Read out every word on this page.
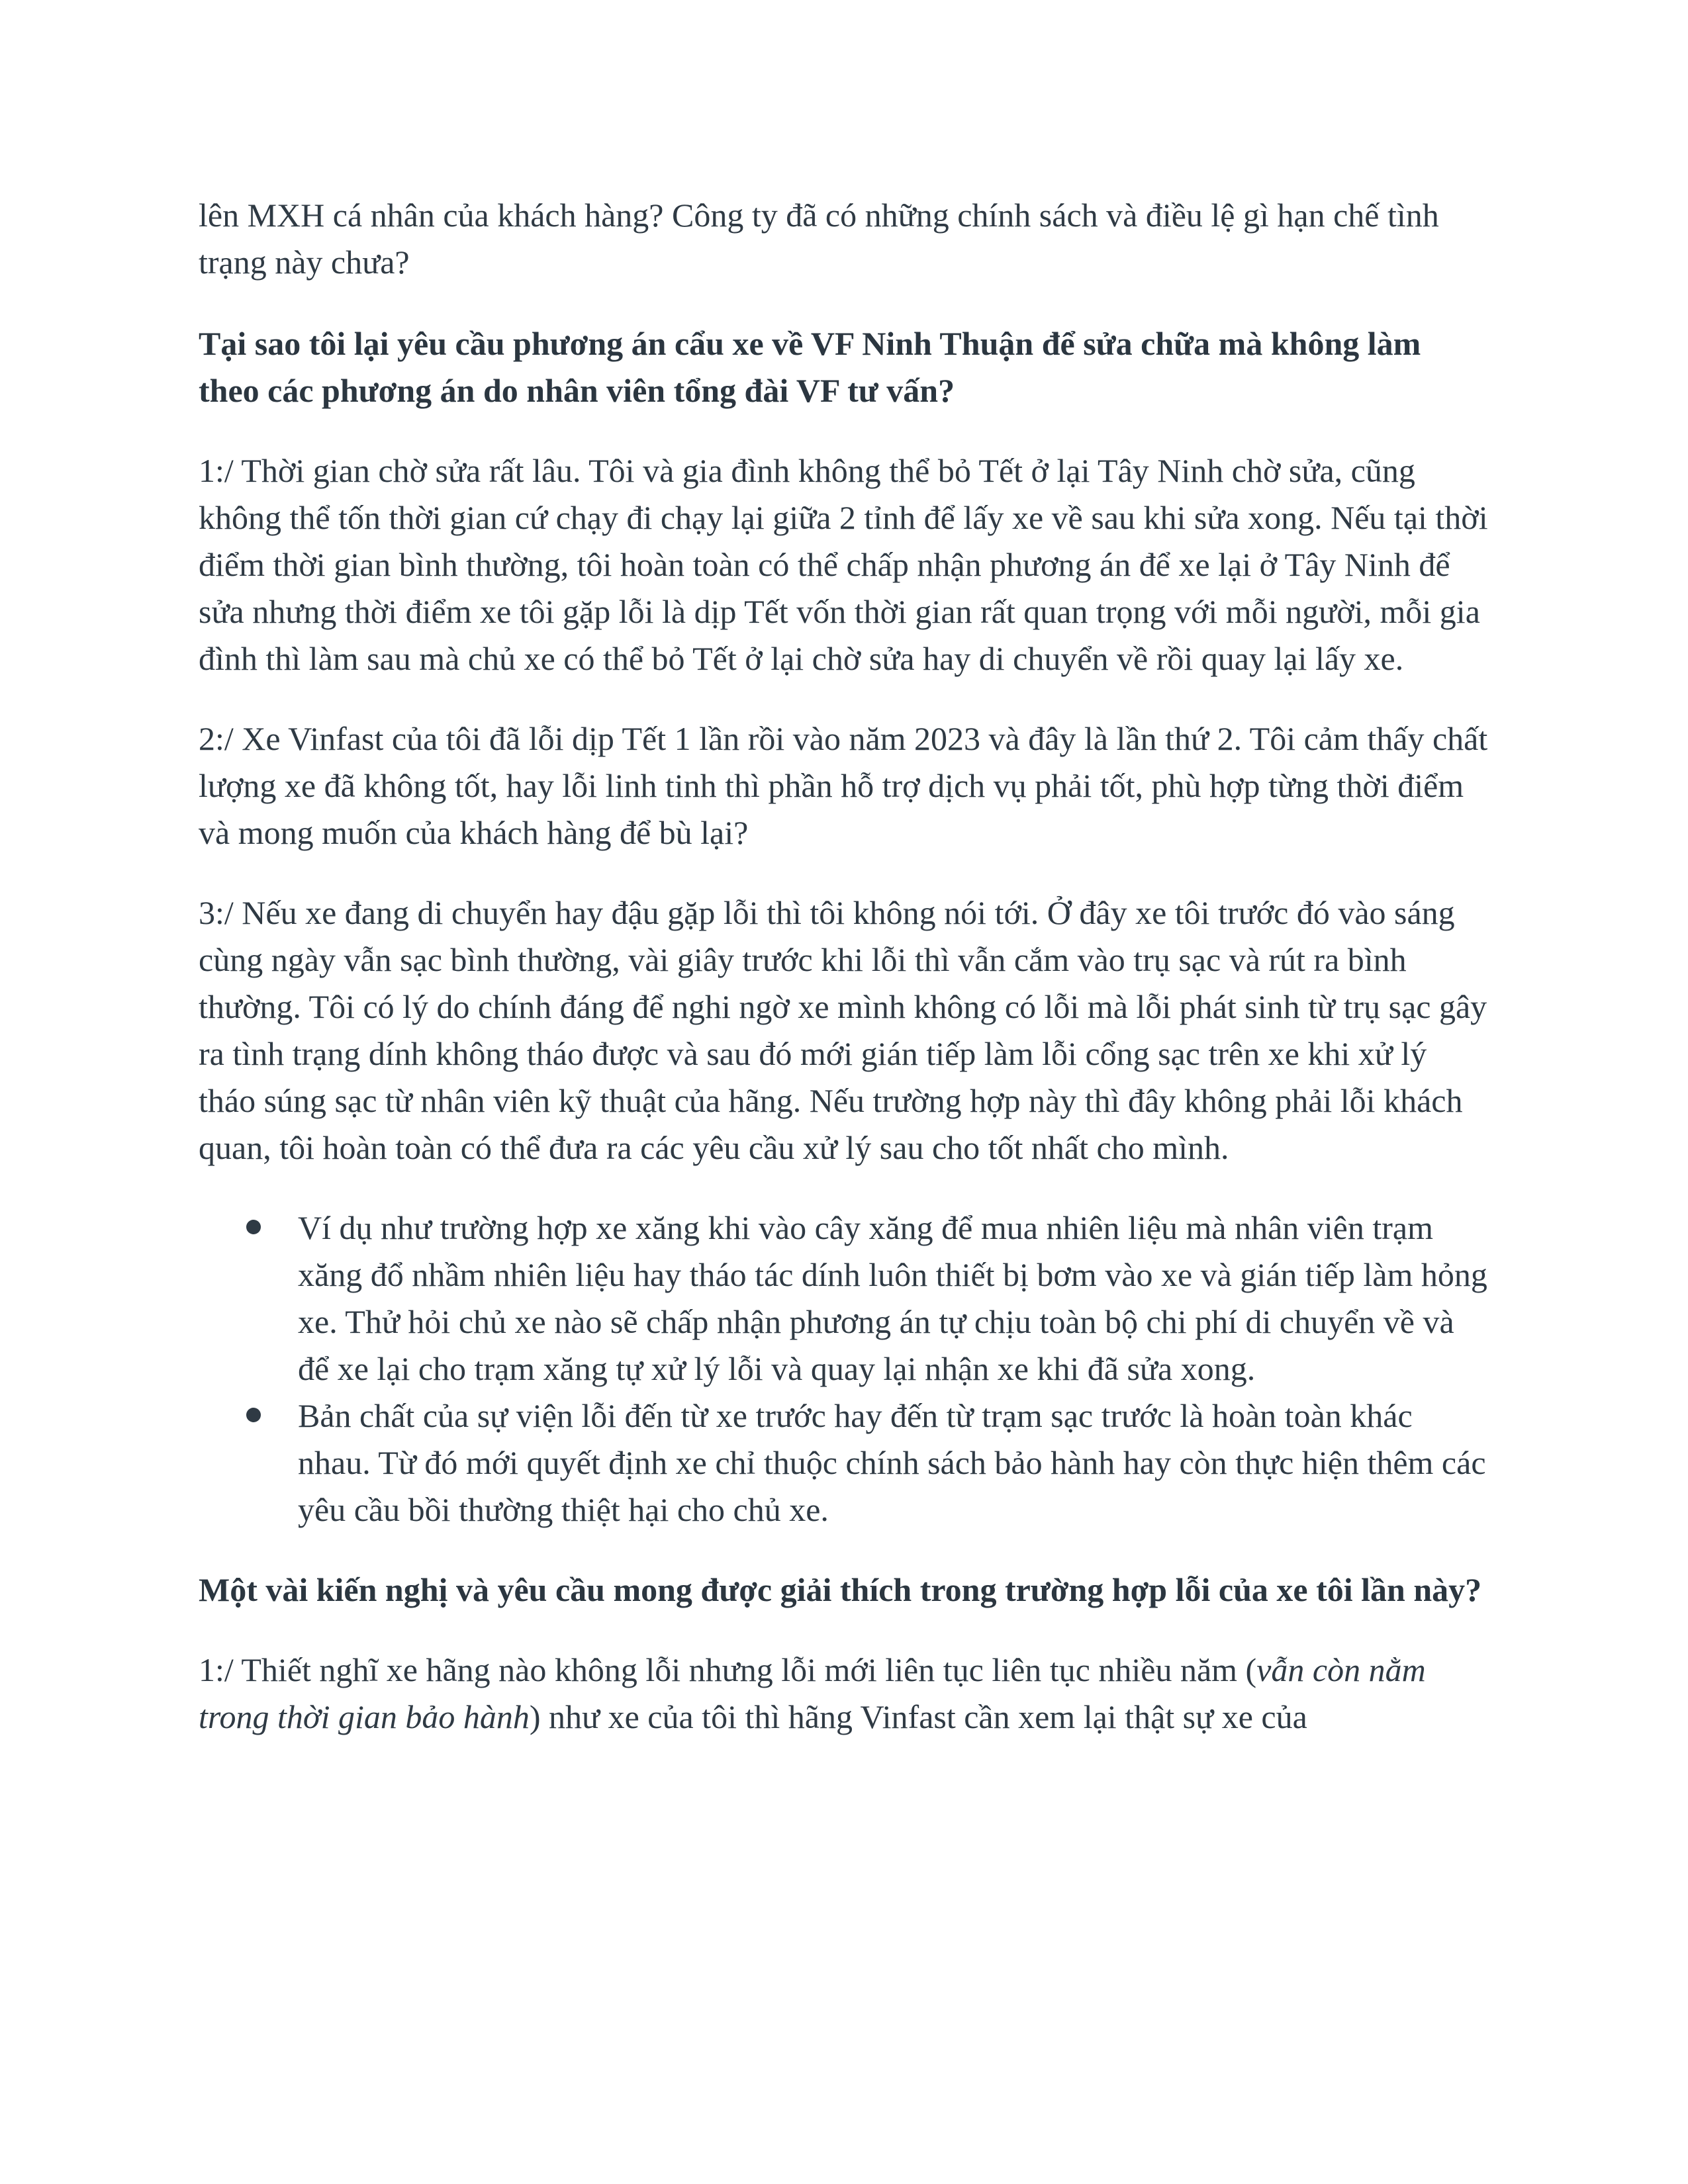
lên MXH cá nhân của khách hàng? Công ty đã có những chính sách và điều lệ gì hạn chế tình trạng này chưa?

Tại sao tôi lại yêu cầu phương án cẩu xe về VF Ninh Thuận để sửa chữa mà không làm theo các phương án do nhân viên tổng đài VF tư vấn?

1:/ Thời gian chờ sửa rất lâu. Tôi và gia đình không thể bỏ Tết ở lại Tây Ninh chờ sửa, cũng không thể tốn thời gian cứ chạy đi chạy lại giữa 2 tỉnh để lấy xe về sau khi sửa xong. Nếu tại thời điểm thời gian bình thường, tôi hoàn toàn có thể chấp nhận phương án để xe lại ở Tây Ninh để sửa nhưng thời điểm xe tôi gặp lỗi là dịp Tết vốn thời gian rất quan trọng với mỗi người, mỗi gia đình thì làm sau mà chủ xe có thể bỏ Tết ở lại chờ sửa hay di chuyển về rồi quay lại lấy xe.

2:/ Xe Vinfast của tôi đã lỗi dịp Tết 1 lần rồi vào năm 2023 và đây là lần thứ 2. Tôi cảm thấy chất lượng xe đã không tốt, hay lỗi linh tinh thì phần hỗ trợ dịch vụ phải tốt, phù hợp từng thời điểm và mong muốn của khách hàng để bù lại?

3:/ Nếu xe đang di chuyển hay đậu gặp lỗi thì tôi không nói tới. Ở đây xe tôi trước đó vào sáng cùng ngày vẫn sạc bình thường, vài giây trước khi lỗi thì vẫn cắm vào trụ sạc và rút ra bình thường. Tôi có lý do chính đáng để nghi ngờ xe mình không có lỗi mà lỗi phát sinh từ trụ sạc gây ra tình trạng dính không tháo được và sau đó mới gián tiếp làm lỗi cổng sạc trên xe khi xử lý tháo súng sạc từ nhân viên kỹ thuật của hãng. Nếu trường hợp này thì đây không phải lỗi khách quan, tôi hoàn toàn có thể đưa ra các yêu cầu xử lý sau cho tốt nhất cho mình.

Ví dụ như trường hợp xe xăng khi vào cây xăng để mua nhiên liệu mà nhân viên trạm xăng đổ nhầm nhiên liệu hay tháo tác dính luôn thiết bị bơm vào xe và gián tiếp làm hỏng xe. Thử hỏi chủ xe nào sẽ chấp nhận phương án tự chịu toàn bộ chi phí di chuyển về và để xe lại cho trạm xăng tự xử lý lỗi và quay lại nhận xe khi đã sửa xong.
Bản chất của sự viện lỗi đến từ xe trước hay đến từ trạm sạc trước là hoàn toàn khác nhau. Từ đó mới quyết định xe chỉ thuộc chính sách bảo hành hay còn thực hiện thêm các yêu cầu bồi thường thiệt hại cho chủ xe.

Một vài kiến nghị và yêu cầu mong được giải thích trong trường hợp lỗi của xe tôi lần này?

1:/ Thiết nghĩ xe hãng nào không lỗi nhưng lỗi mới liên tục liên tục nhiều năm (vẫn còn nằm trong thời gian bảo hành) như xe của tôi thì hãng Vinfast cần xem lại thật sự xe của
